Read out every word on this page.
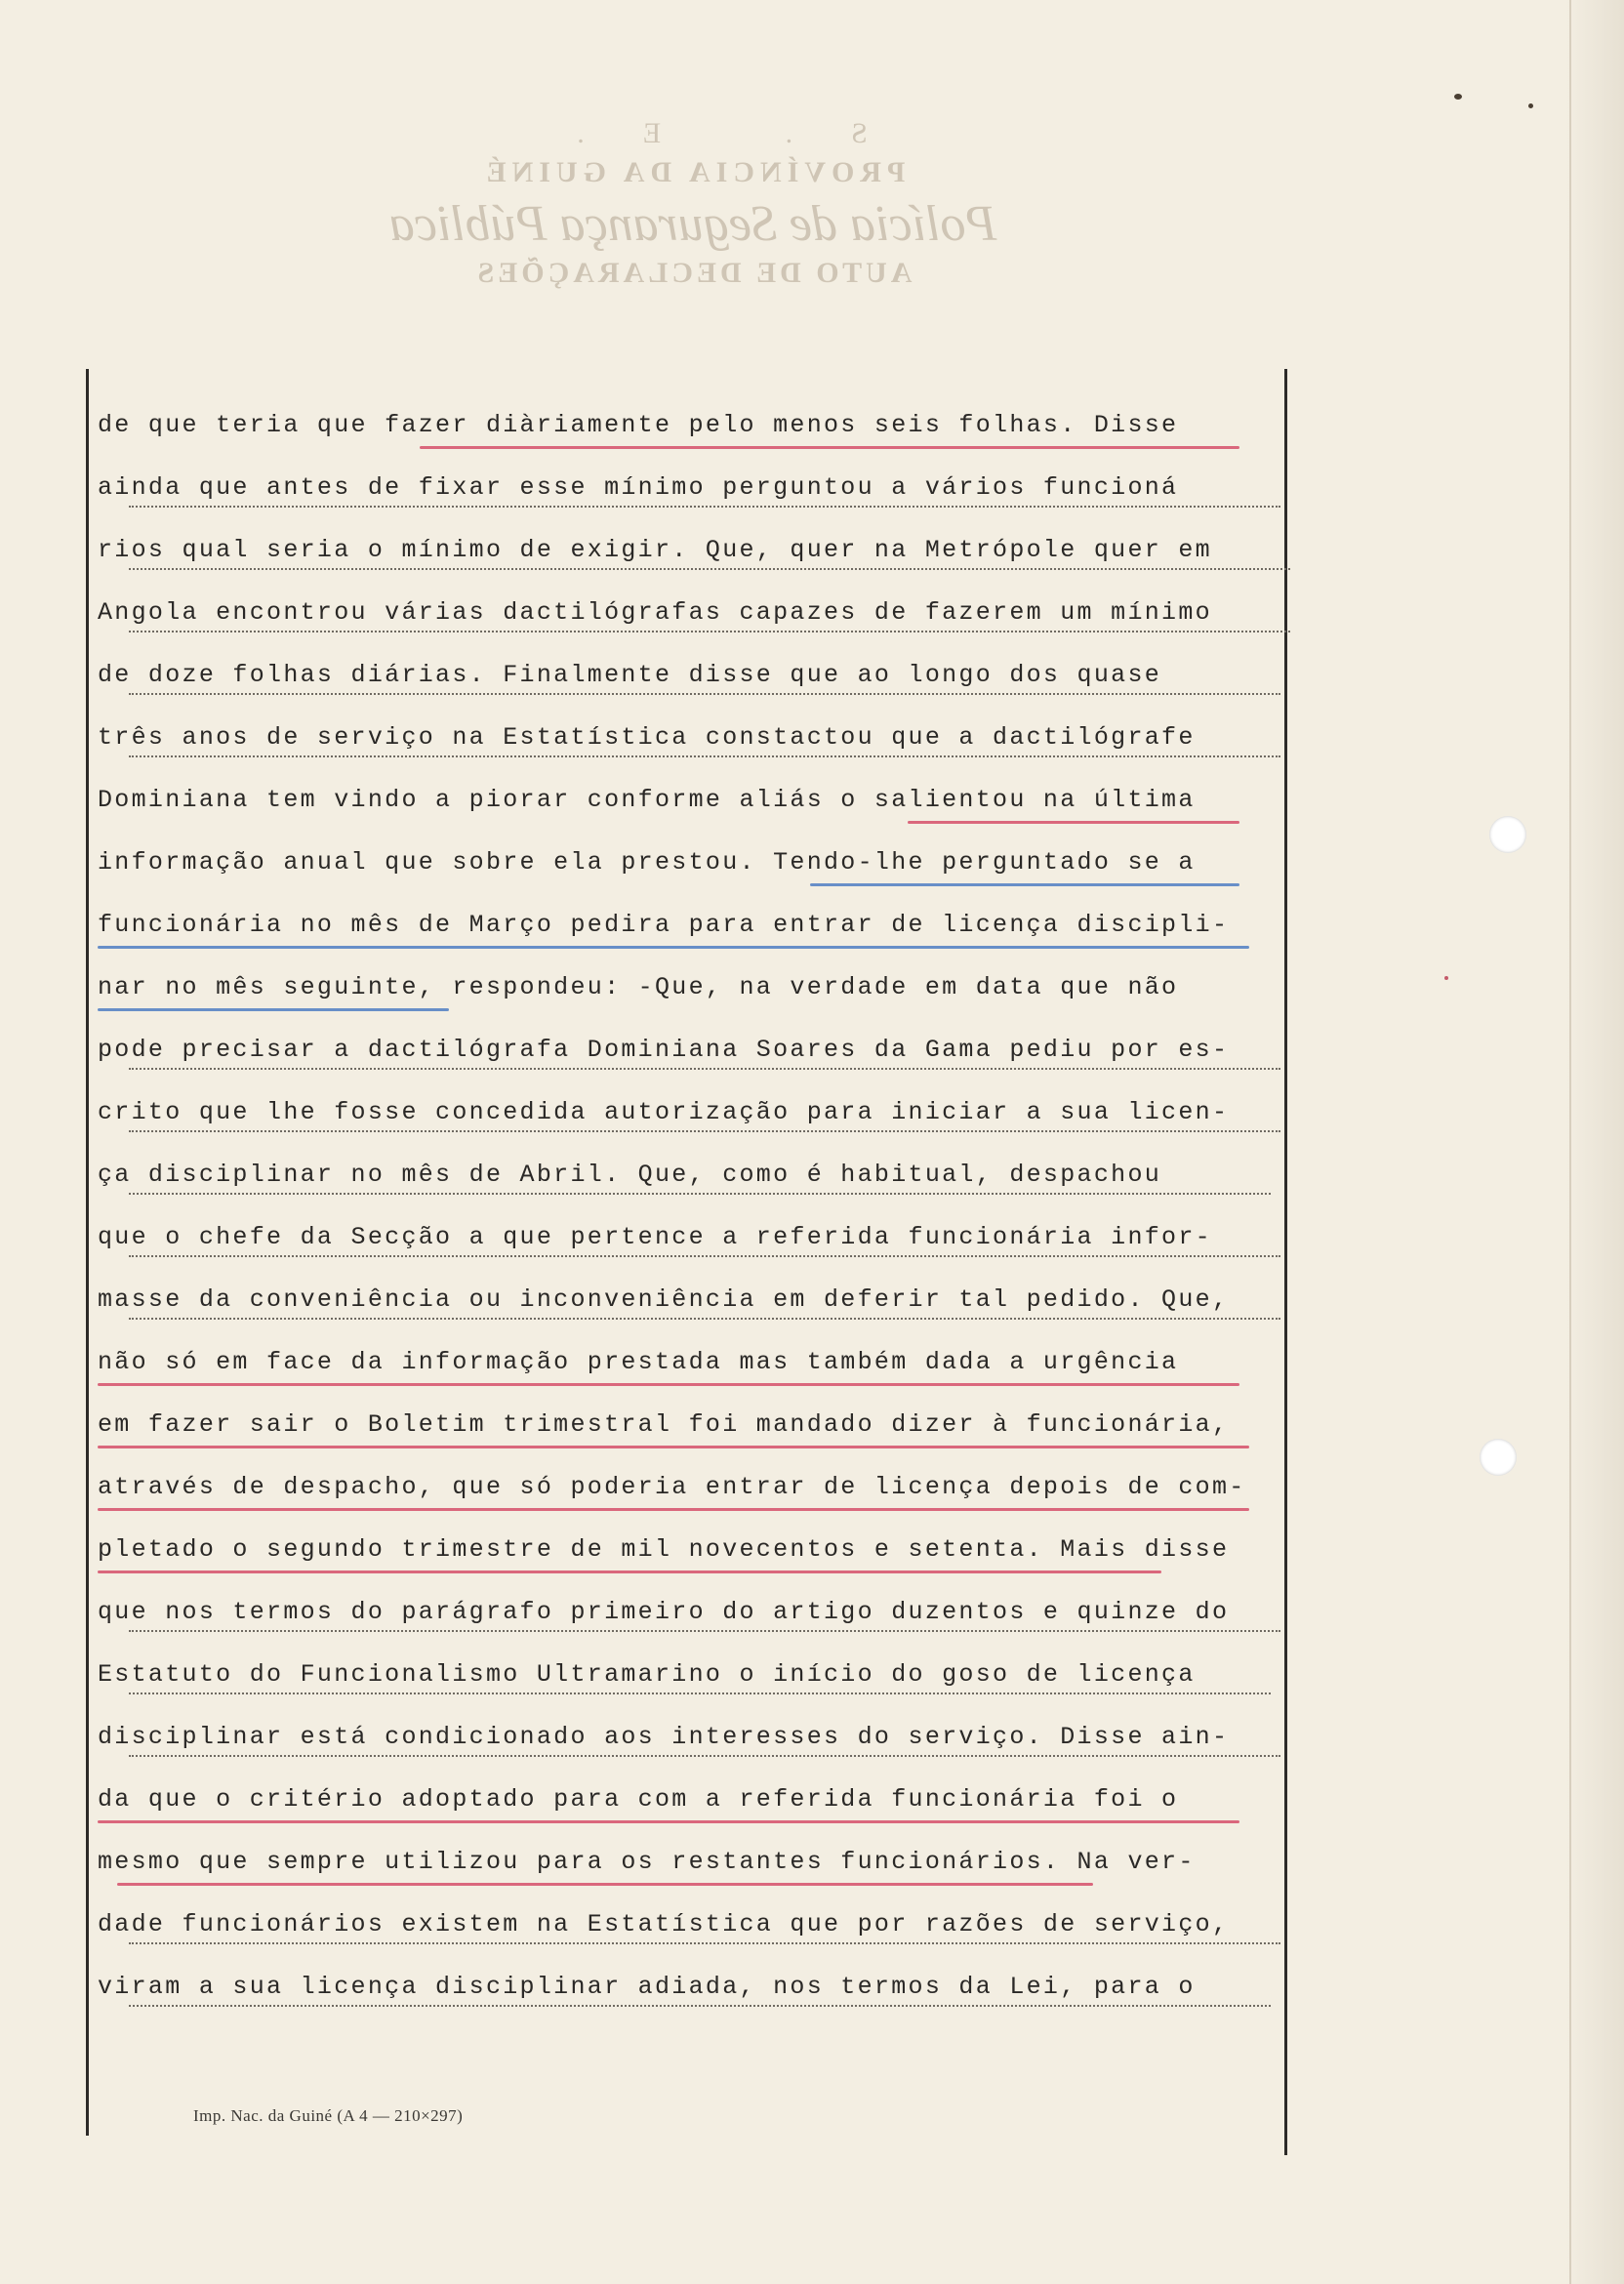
S. E.
PROVÍNCIA DA GUINÉ
Polícia de Segurança Pública
AUTO DE DECLARAÇÕES
de que teria que fazer diàriamente pelo menos seis folhas. Disse
ainda que antes de fixar esse mínimo perguntou a vários funcioná
rios qual seria o mínimo de exigir. Que, quer na Metrópole quer em
Angola encontrou várias dactilógrafas capazes de fazerem um mínimo
de doze folhas diárias. Finalmente disse que ao longo dos quase
três anos de serviço na Estatística constactou que a dactilógrafe
Dominiana tem vindo a piorar conforme aliás o salientou na última
informação anual que sobre ela prestou. Tendo-lhe perguntado se a
funcionária no mês de Março pedira para entrar de licença discipli-
nar no mês seguinte, respondeu: -Que, na verdade em data que não
pode precisar a dactilógrafa Dominiana Soares da Gama pediu por es-
crito que lhe fosse concedida autorização para iniciar a sua licen-
ça disciplinar no mês de Abril. Que, como é habitual, despachou
que o chefe da Secção a que pertence a referida funcionária infor-
masse da conveniência ou inconveniência em deferir tal pedido. Que,
não só em face da informação prestada mas também dada a urgência
em fazer sair o Boletim trimestral foi mandado dizer à funcionária,
através de despacho, que só poderia entrar de licença depois de com-
pletado o segundo trimestre de mil novecentos e setenta. Mais disse
que nos termos do parágrafo primeiro do artigo duzentos e quinze do
Estatuto do Funcionalismo Ultramarino o início do goso de licença
disciplinar está condicionado aos interesses do serviço. Disse ain-
da que o critério adoptado para com a referida funcionária foi o
mesmo que sempre utilizou para os restantes funcionários. Na ver-
dade funcionários existem na Estatística que por razões de serviço,
viram a sua licença disciplinar adiada, nos termos da Lei, para o
Imp. Nac. da Guiné (A 4 — 210×297)
